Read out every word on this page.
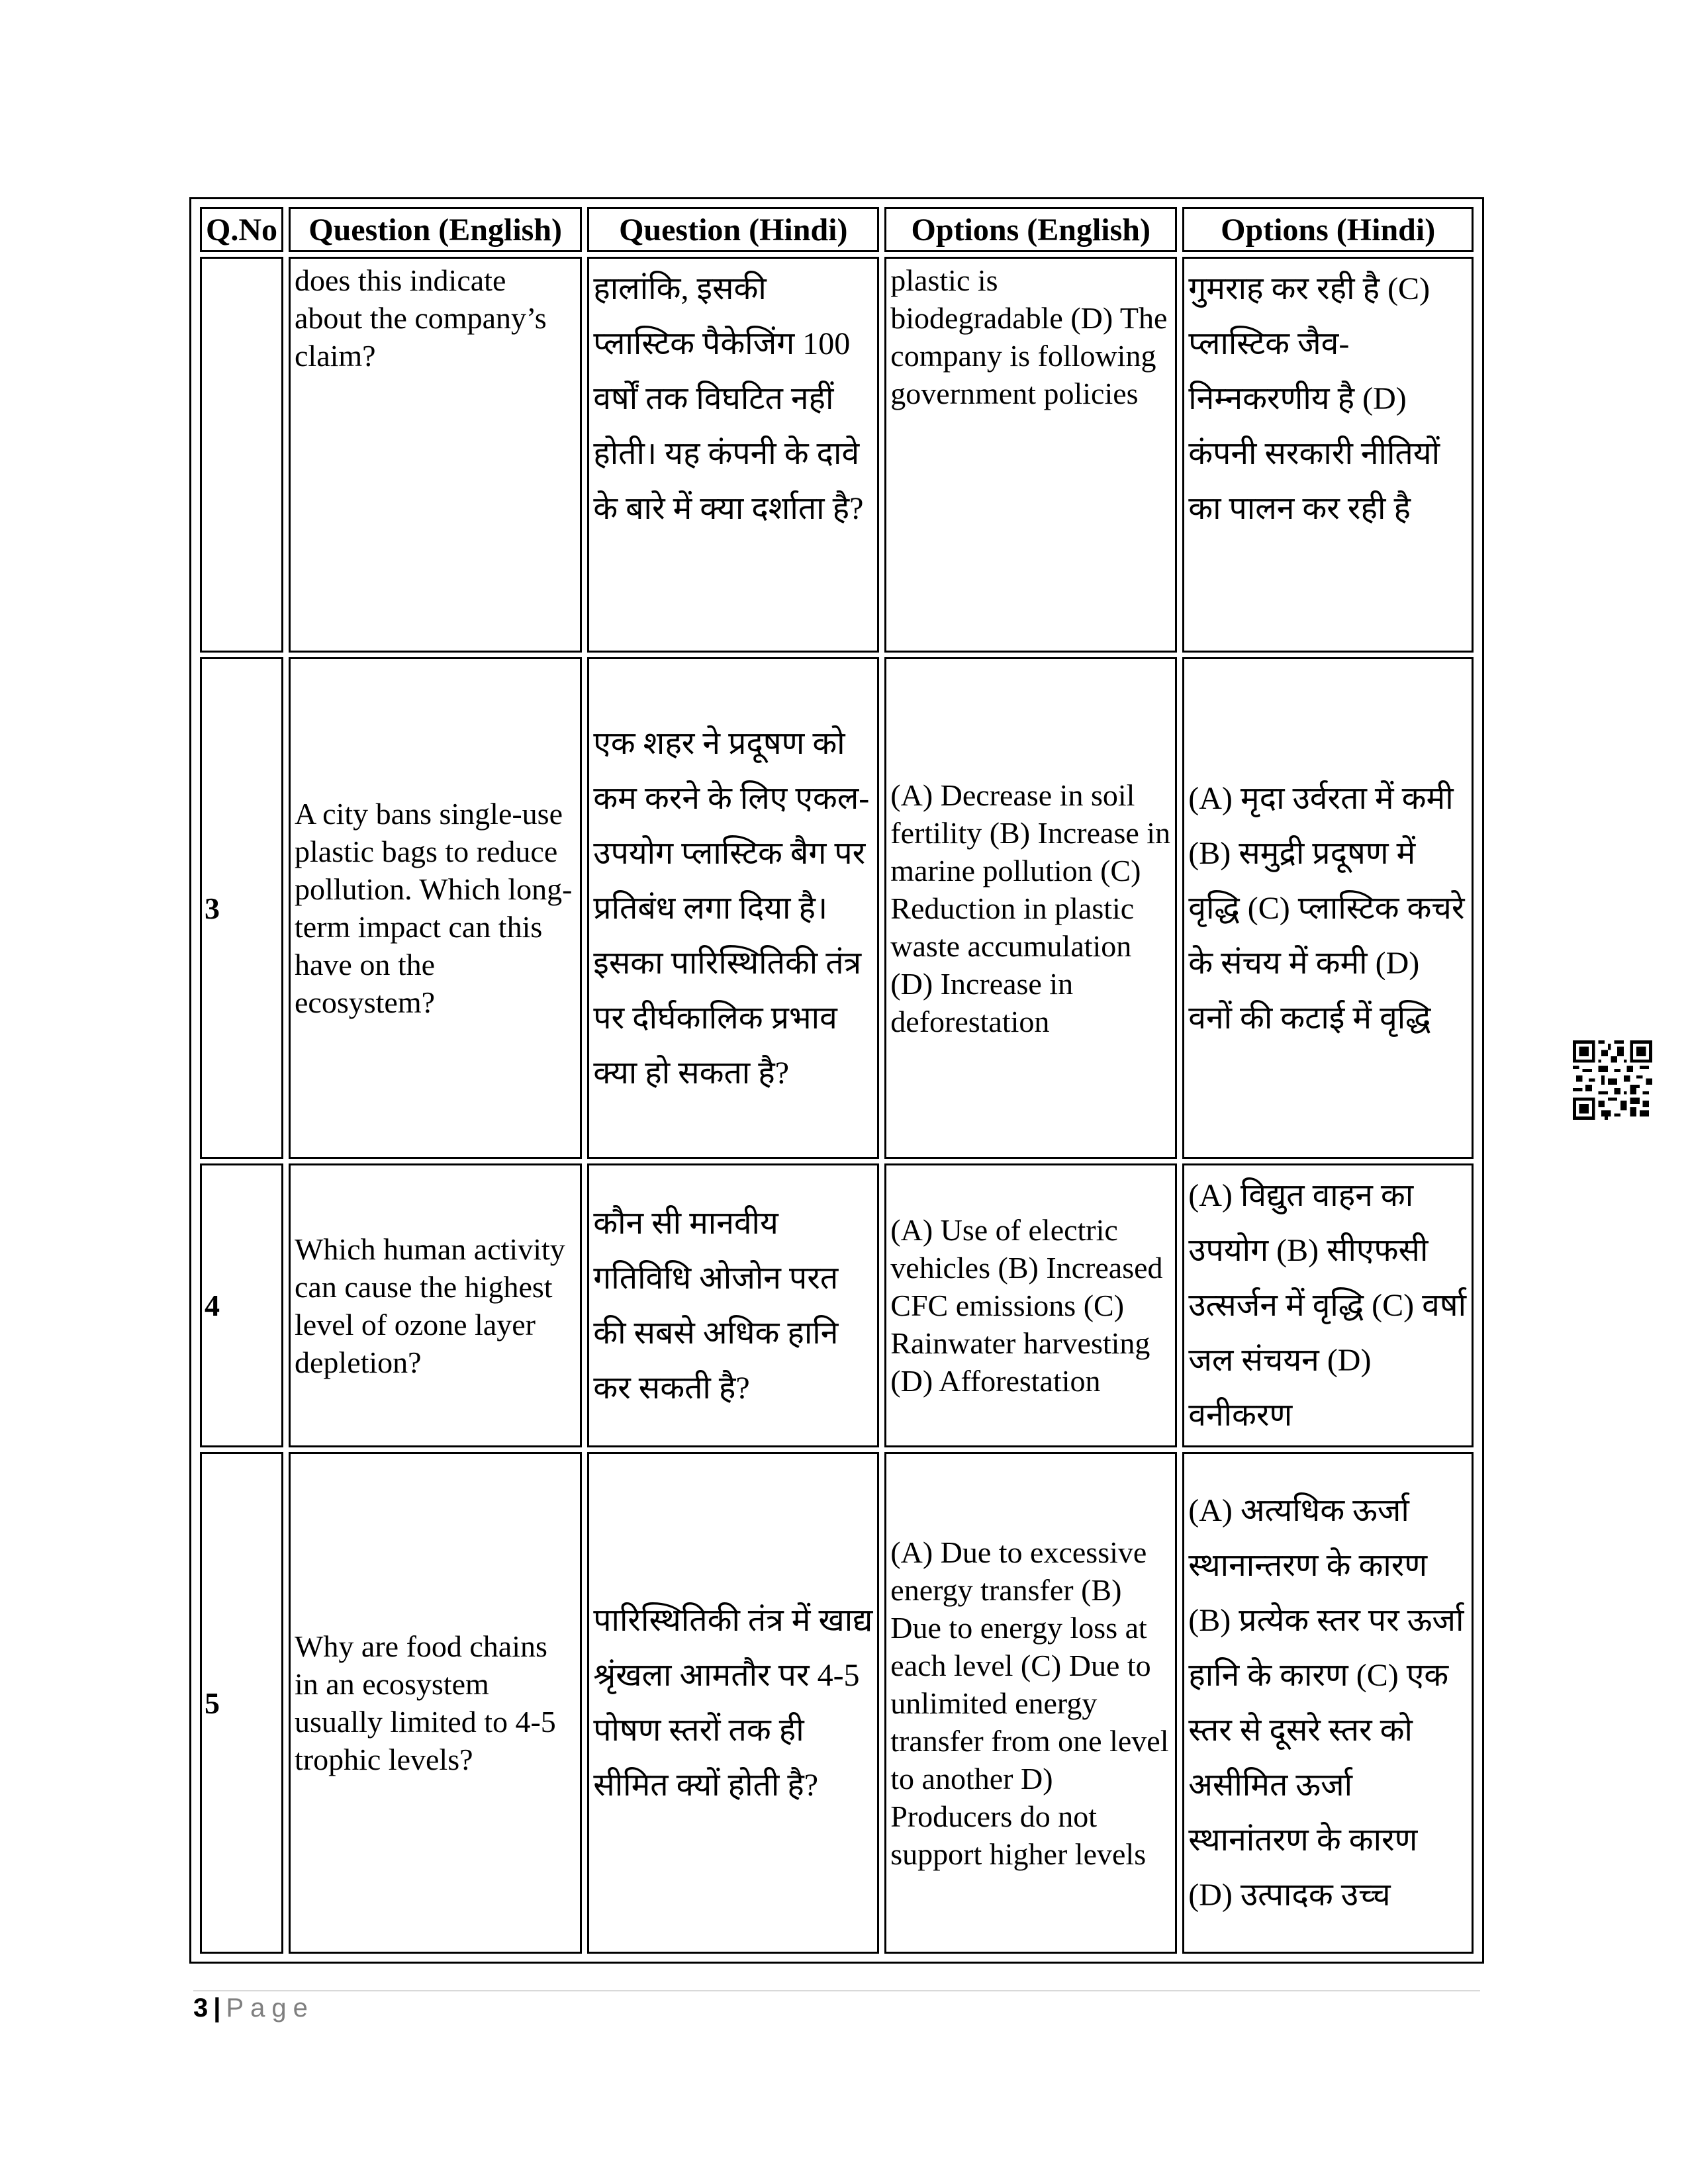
Q.No	Question (English)	Question (Hindi)	Options (English)	Options (Hindi)
	does this indicate about the company’s claim?	हालांकि, इसकी प्लास्टिक पैकेजिंग 100 वर्षों तक विघटित नहीं होती। यह कंपनी के दावे के बारे में क्या दर्शाता है?	plastic is biodegradable (D) The company is following government policies	गुमराह कर रही है (C) प्लास्टिक जैव-निम्नकरणीय है (D) कंपनी सरकारी नीतियों का पालन कर रही है
3	A city bans single-use plastic bags to reduce pollution. Which long-term impact can this have on the ecosystem?	एक शहर ने प्रदूषण को कम करने के लिए एकल-उपयोग प्लास्टिक बैग पर प्रतिबंध लगा दिया है। इसका पारिस्थितिकी तंत्र पर दीर्घकालिक प्रभाव क्या हो सकता है?	(A) Decrease in soil fertility (B) Increase in marine pollution (C) Reduction in plastic waste accumulation (D) Increase in deforestation	(A) मृदा उर्वरता में कमी (B) समुद्री प्रदूषण में वृद्धि (C) प्लास्टिक कचरे के संचय में कमी (D) वनों की कटाई में वृद्धि
4	Which human activity can cause the highest level of ozone layer depletion?	कौन सी मानवीय गतिविधि ओजोन परत की सबसे अधिक हानि कर सकती है?	(A) Use of electric vehicles (B) Increased CFC emissions (C) Rainwater harvesting (D) Afforestation	(A) विद्युत वाहन का उपयोग (B) सीएफसी उत्सर्जन में वृद्धि (C) वर्षा जल संचयन (D) वनीकरण
5	Why are food chains in an ecosystem usually limited to 4-5 trophic levels?	पारिस्थितिकी तंत्र में खाद्य श्रृंखला आमतौर पर 4-5 पोषण स्तरों तक ही सीमित क्यों होती है?	(A) Due to excessive energy transfer (B) Due to energy loss at each level (C) Due to unlimited energy transfer from one level to another D) Producers do not support higher levels	(A) अत्यधिक ऊर्जा स्थानान्तरण के कारण (B) प्रत्येक स्तर पर ऊर्जा हानि के कारण (C) एक स्तर से दूसरे स्तर को असीमित ऊर्जा स्थानांतरण के कारण (D) उत्पादक उच्च
3 | Page
